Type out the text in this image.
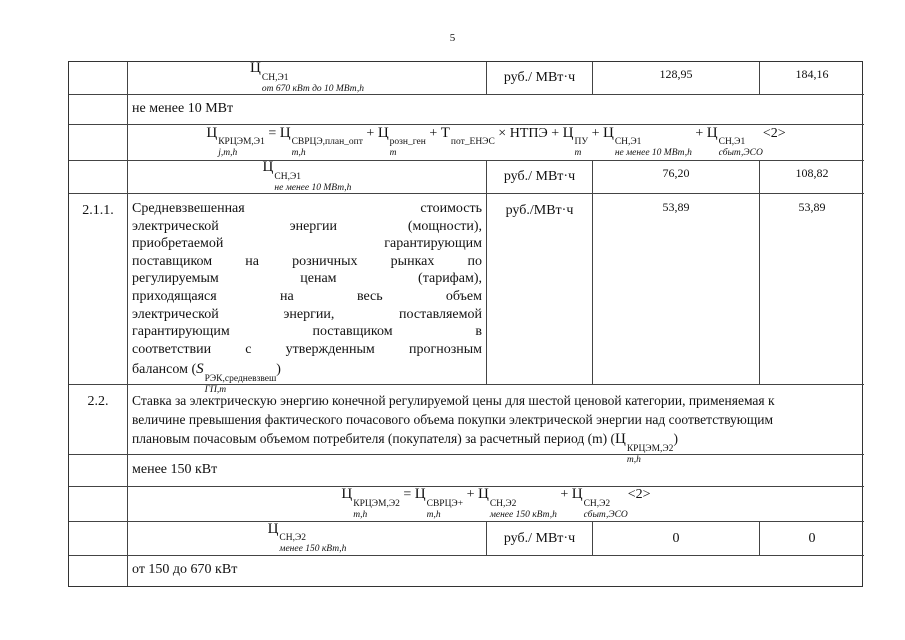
5
Ц
СН,Э1
от 670 кВт до 10 МВт,h
руб./ МВт·ч	128,95	184,16
не менее 10 МВт
Ц
КРЦЭМ,Э1
j,m,h
= Ц
СВРЦЭ,план_опт
m,h
+ Ц
розн_ген
m
+ Т
пот_ЕНЭС
× НТПЭ + Ц
ПУ
m
+ Ц
СН,Э1
не менее 10 МВт,h
+ Ц
СН,Э1
сбыт,ЭСО
<2>
Ц
СН,Э1
не менее 10 МВт,h
руб./ МВт·ч	76,20	108,82
2.1.1.	Средневзвешенная стоимость

электрической энергии (мощности),

приобретаемой гарантирующим

поставщиком на розничных рынках по

регулируемым ценам (тарифам),

приходящаяся на весь объем

электрической энергии, поставляемой

гарантирующим поставщиком в

соответствии с утвержденным прогнозным

балансом (S
РЭК,средневзвеш
ГП,m
)

руб./МВт·ч	53,89	53,89
2.2.	Ставка за электрическую энергию конечной регулируемой цены для шестой ценовой категории, применяемая к
величине превышения фактического почасового объема покупки электрической энергии над соответствующим
плановым почасовым объемом потребителя (покупателя) за расчетный период (m) (Ц
КРЦЭМ,Э2
m,h
)
менее 150 кВт
Ц
КРЦЭМ,Э2
m,h
= Ц
СВРЦЭ+
m,h
+ Ц
СН,Э2
менее 150 кВт,h
+ Ц
СН,Э2
сбыт,ЭСО
<2>
Ц
СН,Э2
менее 150 кВт,h
руб./ МВт·ч	0	0
от 150 до 670 кВт
